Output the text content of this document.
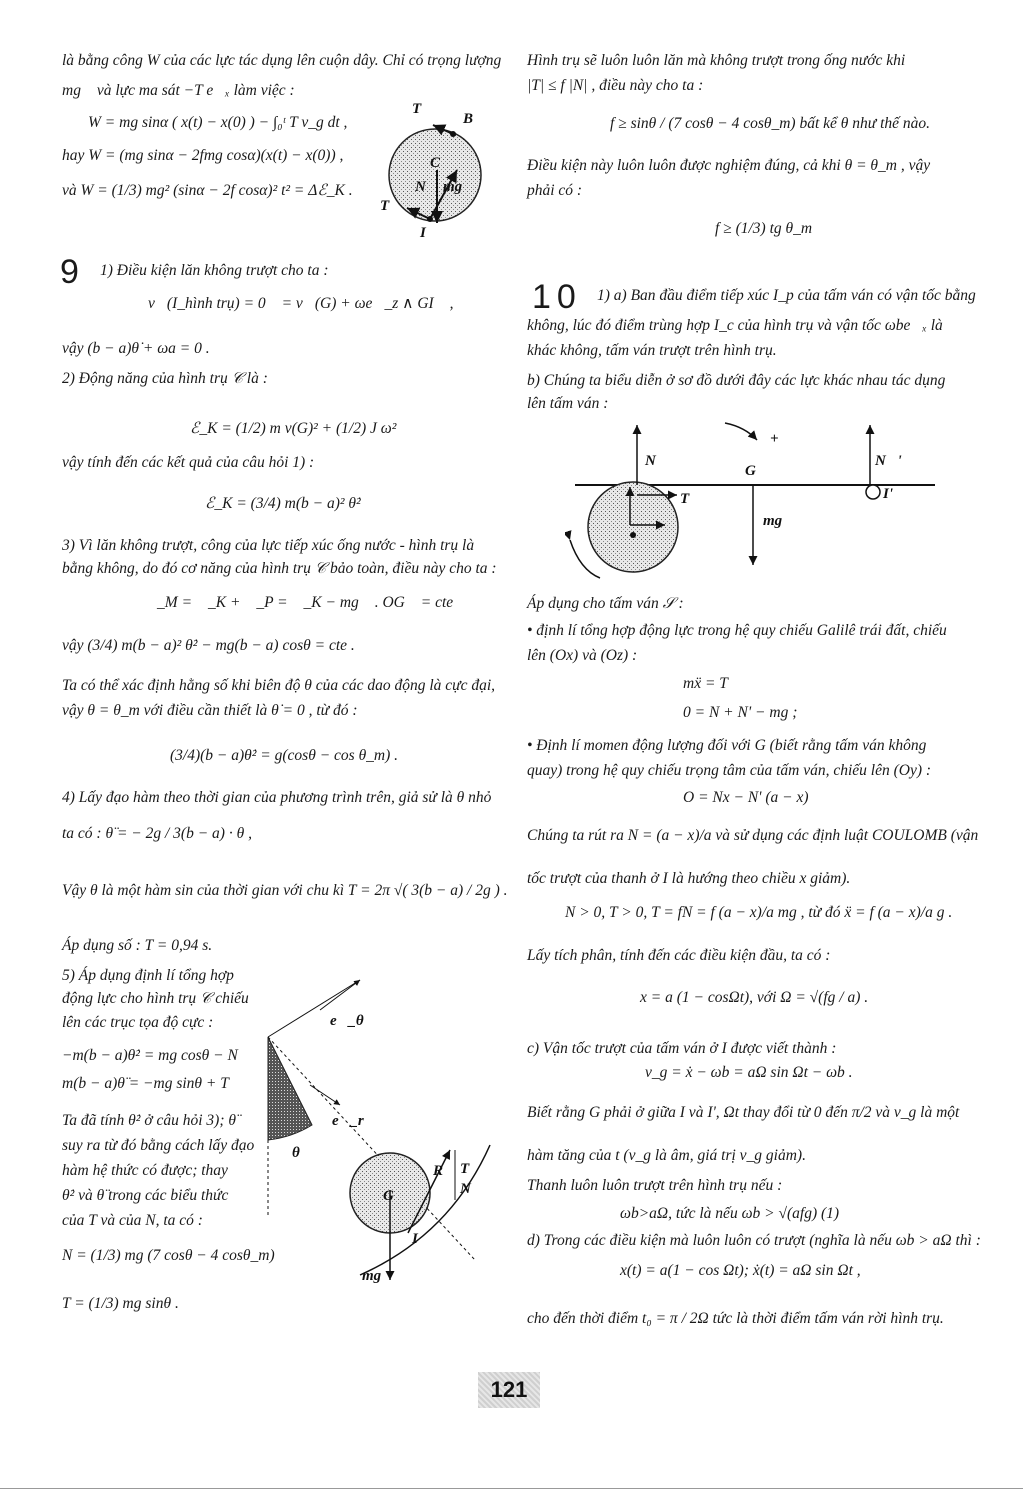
9
10
T⃗
B
C
N⃗ mg⃗
T⃗
I
N⃗
G
N⃗'
T⃗
mg⃗
I'
+
e⃗_θ
e⃗_r
θ
R⃗ T
N
G
I
mg⃗
121
là bằng công W của các lực tác dụng lên cuộn dây. Chỉ có trọng lượng
mg⃗ và lực ma sát −T e⃗ₓ làm việc :
W = mg sinα ( x(t) − x(0) ) − ∫₀ᵗ T v_g dt ,
hay W = (mg sinα − 2fmg cosα)(x(t) − x(0)) ,
và W = (1/3) mg² (sinα − 2f cosα)² t² = Δℰ_K .
1) Điều kiện lăn không trượt cho ta :
v⃗(I_hình trụ) = 0⃗ = v⃗(G) + ωe⃗_z ∧ GI⃗ ,
vậy (b − a)θ̇ + ωa = 0 .
2) Động năng của hình trụ 𝒞 là :
ℰ_K = (1/2) m v(G)² + (1/2) J ω²
vậy tính đến các kết quả của câu hỏi 1) :
ℰ_K = (3/4) m(b − a)² θ̇²
3) Vì lăn không trượt, công của lực tiếp xúc ống nước - hình trụ là
bằng không, do đó cơ năng của hình trụ 𝒞 bảo toàn, điều này cho ta :
ℰ_M = ℰ_K + ℰ_P = ℰ_K − mg⃗ . OG⃗ = cte
vậy (3/4) m(b − a)² θ̇² − mg(b − a) cosθ = cte .
Ta có thể xác định hằng số khi biên độ θ của các dao động là cực đại,
vậy θ = θ_m với điều cần thiết là θ̇ = 0 , từ đó :
(3/4)(b − a)θ̇² = g(cosθ − cos θ_m) .
4) Lấy đạo hàm theo thời gian của phương trình trên, giả sử là θ nhỏ
ta có : θ̈ = − 2g / 3(b − a) · θ ,
Vậy θ là một hàm sin của thời gian với chu kì T = 2π √( 3(b − a) / 2g ) .
Áp dụng số : T = 0,94 s.
5) Áp dụng định lí tổng hợp
động lực cho hình trụ 𝒞 chiếu
lên các trục tọa độ cực :
−m(b − a)θ̇² = mg cosθ − N
m(b − a)θ̈ = −mg sinθ + T
Ta đã tính θ̇² ở câu hỏi 3); θ̈
suy ra từ đó bằng cách lấy đạo
hàm hệ thức có được; thay
θ̇² và θ̈ trong các biểu thức
của T và của N, ta có :
N = (1/3) mg (7 cosθ − 4 cosθ_m)
T = (1/3) mg sinθ .
Hình trụ sẽ luôn luôn lăn mà không trượt trong ống nước khi
|T| ≤ f |N| , điều này cho ta :
f ≥ sinθ / (7 cosθ − 4 cosθ_m) bất kể θ như thế nào.
Điều kiện này luôn luôn được nghiệm đúng, cả khi θ = θ_m , vậy
phải có :
f ≥ (1/3) tg θ_m
1) a) Ban đầu điểm tiếp xúc I_p của tấm ván có vận tốc bằng
không, lúc đó điểm trùng hợp I_c của hình trụ và vận tốc ωbe⃗ₓ là
khác không, tấm ván trượt trên hình trụ.
b) Chúng ta biểu diễn ở sơ đồ dưới đây các lực khác nhau tác dụng
lên tấm ván :
Áp dụng cho tấm ván 𝒮 :
• định lí tổng hợp động lực trong hệ quy chiếu Galilê trái đất, chiếu
lên (Ox) và (Oz) :
mẍ = T
0 = N + N' − mg ;
• Định lí momen động lượng đối với G (biết rằng tấm ván không
quay) trong hệ quy chiếu trọng tâm của tấm ván, chiếu lên (Oy) :
O = Nx − N' (a − x)
Chúng ta rút ra N = (a − x)/a và sử dụng các định luật COULOMB (vận
tốc trượt của thanh ở I là hướng theo chiều x giảm).
N > 0, T > 0, T = fN = f (a − x)/a mg , từ đó ẍ = f (a − x)/a g .
Lấy tích phân, tính đến các điều kiện đầu, ta có :
x = a (1 − cosΩt), với Ω = √(fg / a) .
c) Vận tốc trượt của tấm ván ở I được viết thành :
v_g = ẋ − ωb = aΩ sin Ωt − ωb .
Biết rằng G phải ở giữa I và I', Ωt thay đổi từ 0 đến π/2 và v_g là một
hàm tăng của t (v_g là âm, giá trị v_g giảm).
Thanh luôn luôn trượt trên hình trụ nếu :
ωb>aΩ, tức là nếu ωb > √(afg) (1)
d) Trong các điều kiện mà luôn luôn có trượt (nghĩa là nếu ωb > aΩ thì :
x(t) = a(1 − cos Ωt); ẋ(t) = aΩ sin Ωt ,
cho đến thời điểm t₀ = π / 2Ω tức là thời điểm tấm ván rời hình trụ.
